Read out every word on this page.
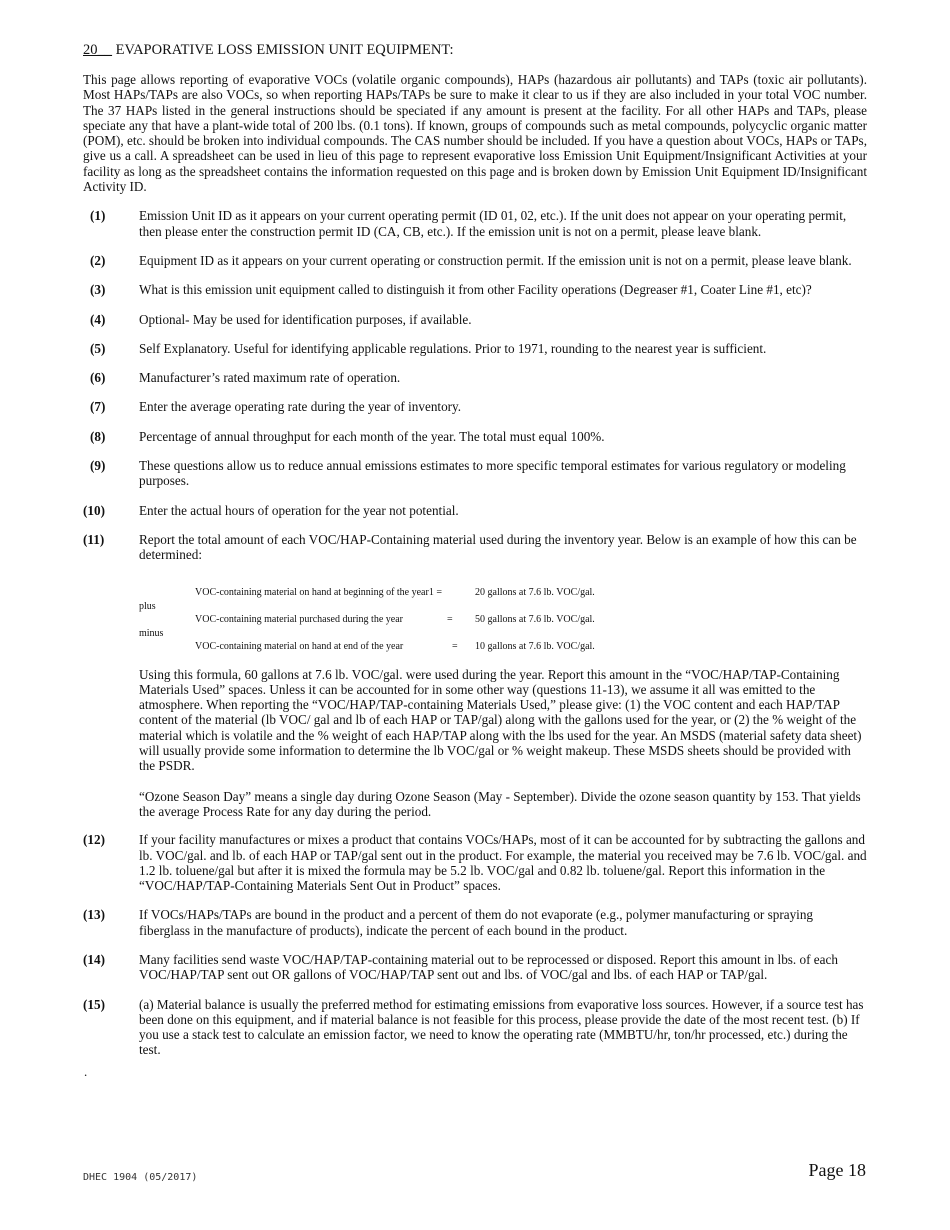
20__ EVAPORATIVE LOSS EMISSION UNIT EQUIPMENT:

This page allows reporting of evaporative VOCs (volatile organic compounds), HAPs (hazardous air pollutants) and TAPs (toxic air pollutants). Most HAPs/TAPs are also VOCs, so when reporting HAPs/TAPs be sure to make it clear to us if they are also included in your total VOC number. The 37 HAPs listed in the general instructions should be speciated if any amount is present at the facility. For all other HAPs and TAPs, please speciate any that have a plant-wide total of 200 lbs. (0.1 tons). If known, groups of compounds such as metal compounds, polycyclic organic matter (POM), etc. should be broken into individual compounds. The CAS number should be included. If you have a question about VOCs, HAPs or TAPs, give us a call. A spreadsheet can be used in lieu of this page to represent evaporative loss Emission Unit Equipment/Insignificant Activities at your facility as long as the spreadsheet contains the information requested on this page and is broken down by Emission Unit Equipment ID/Insignificant Activity ID.

(1)	Emission Unit ID as it appears on your current operating permit (ID 01, 02, etc.). If the unit does not appear on your operating permit, then please enter the construction permit ID (CA, CB, etc.). If the emission unit is not on a permit, please leave blank.
(2)	Equipment ID as it appears on your current operating or construction permit. If the emission unit is not on a permit, please leave blank.
(3)	What is this emission unit equipment called to distinguish it from other Facility operations (Degreaser #1, Coater Line #1, etc)?
(4)	Optional- May be used for identification purposes, if available.
(5)	Self Explanatory. Useful for identifying applicable regulations. Prior to 1971, rounding to the nearest year is sufficient.
(6)	Manufacturer’s rated maximum rate of operation.
(7)	Enter the average operating rate during the year of inventory.
(8)	Percentage of annual throughput for each month of the year. The total must equal 100%.
(9)	These questions allow us to reduce annual emissions estimates to more specific temporal estimates for various regulatory or modeling purposes.
(10)	Enter the actual hours of operation for the year not potential.
(11)	Report the total amount of each VOC/HAP-Containing material used during the inventory year. Below is an example of how this can be determined:
VOC-containing material on hand at beginning of the year1 =	20 gallons at 7.6 lb. VOC/gal.
plus
VOC-containing material purchased during the year	= 50 gallons at 7.6 lb. VOC/gal.
minus
VOC-containing material on hand at end of the year	= 10 gallons at 7.6 lb. VOC/gal.

Using this formula, 60 gallons at 7.6 lb. VOC/gal. were used during the year. Report this amount in the “VOC/HAP/TAP-Containing Materials Used” spaces. Unless it can be accounted for in some other way (questions 11-13), we assume it all was emitted to the atmosphere. When reporting the “VOC/HAP/TAP-containing Materials Used,” please give: (1) the VOC content and each HAP/TAP content of the material (lb VOC/ gal and lb of each HAP or TAP/gal) along with the gallons used for the year, or (2) the % weight of the material which is volatile and the % weight of each HAP/TAP along with the lbs used for the year. An MSDS (material safety data sheet) will usually provide some information to determine the lb VOC/gal or % weight makeup. These MSDS sheets should be provided with the PSDR.

“Ozone Season Day” means a single day during Ozone Season (May - September). Divide the ozone season quantity by 153. That yields the average Process Rate for any day during the period.

(12)	If your facility manufactures or mixes a product that contains VOCs/HAPs, most of it can be accounted for by subtracting the gallons and lb. VOC/gal. and lb. of each HAP or TAP/gal sent out in the product. For example, the material you received may be 7.6 lb. VOC/gal. and 1.2 lb. toluene/gal but after it is mixed the formula may be 5.2 lb. VOC/gal and 0.82 lb. toluene/gal. Report this information in the “VOC/HAP/TAP-Containing Materials Sent Out in Product” spaces.
(13)	If VOCs/HAPs/TAPs are bound in the product and a percent of them do not evaporate (e.g., polymer manufacturing or spraying fiberglass in the manufacture of products), indicate the percent of each bound in the product.
(14)	Many facilities send waste VOC/HAP/TAP-containing material out to be reprocessed or disposed. Report this amount in lbs. of each VOC/HAP/TAP sent out OR gallons of VOC/HAP/TAP sent out and lbs. of VOC/gal and lbs. of each HAP or TAP/gal.
(15)	(a) Material balance is usually the preferred method for estimating emissions from evaporative loss sources. However, if a source test has been done on this equipment, and if material balance is not feasible for this process, please provide the date of the most recent test. (b) If you use a stack test to calculate an emission factor, we need to know the operating rate (MMBTU/hr, ton/hr processed, etc.) during the test.
.
DHEC 1904 (05/2017)	Page 18
